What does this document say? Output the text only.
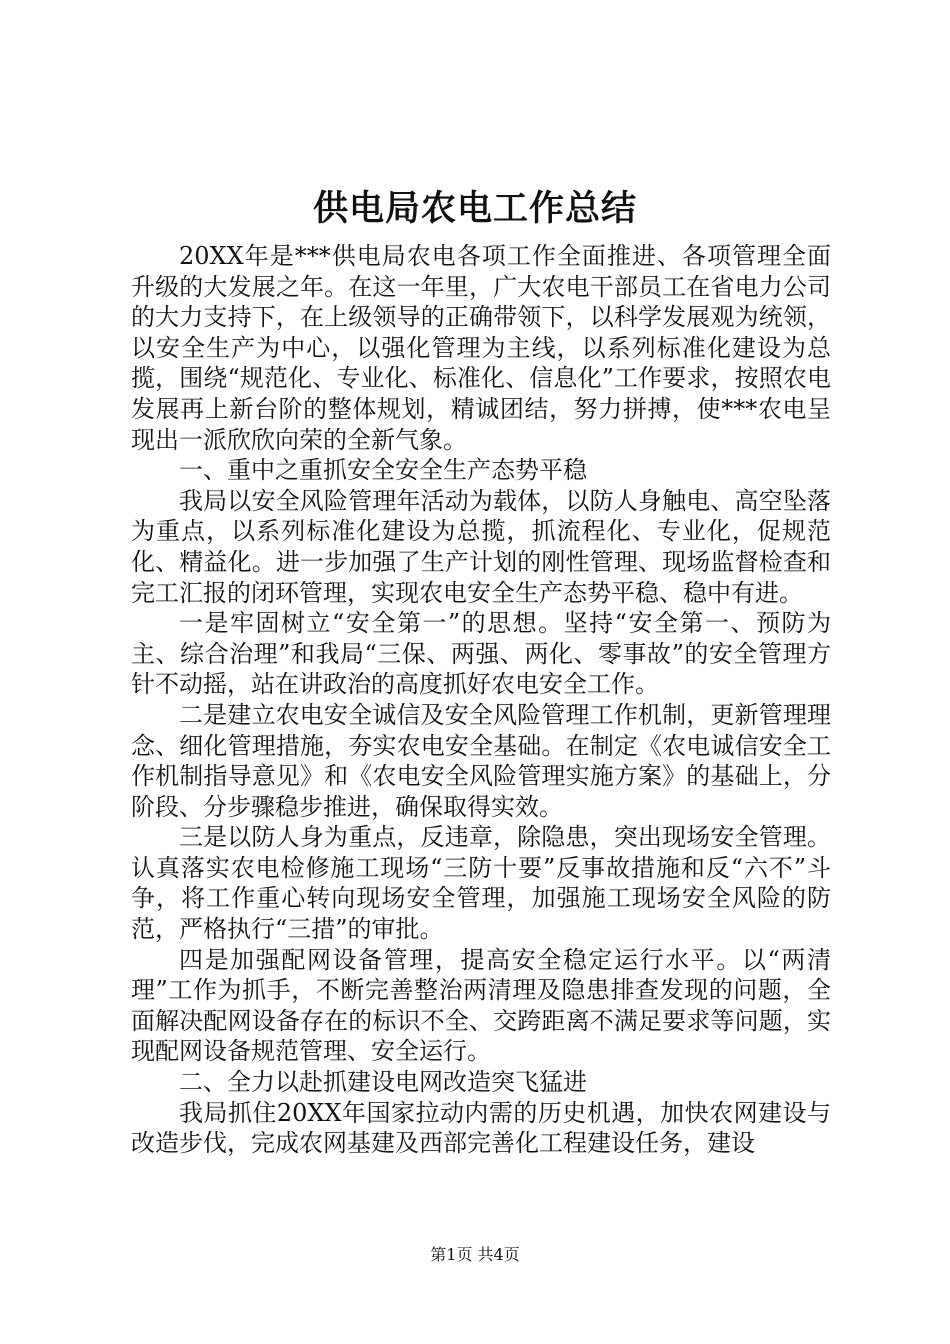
供电局农电工作总结

20XX年是***供电局农电各项工作全面推进、各项管理全面升级的大发展之年。在这一年里，广大农电干部员工在省电力公司的大力支持下，在上级领导的正确带领下，以科学发展观为统领，以安全生产为中心，以强化管理为主线，以系列标准化建设为总揽，围绕“规范化、专业化、标准化、信息化”工作要求，按照农电发展再上新台阶的整体规划，精诚团结，努力拼搏，使***农电呈现出一派欣欣向荣的全新气象。

一、重中之重抓安全安全生产态势平稳

我局以安全风险管理年活动为载体，以防人身触电、高空坠落为重点，以系列标准化建设为总揽，抓流程化、专业化，促规范化、精益化。进一步加强了生产计划的刚性管理、现场监督检查和完工汇报的闭环管理，实现农电安全生产态势平稳、稳中有进。

一是牢固树立“安全第一”的思想。坚持“安全第一、预防为主、综合治理”和我局“三保、两强、两化、零事故”的安全管理方针不动摇，站在讲政治的高度抓好农电安全工作。

二是建立农电安全诚信及安全风险管理工作机制，更新管理理念、细化管理措施，夯实农电安全基础。在制定《农电诚信安全工作机制指导意见》和《农电安全风险管理实施方案》的基础上，分阶段、分步骤稳步推进，确保取得实效。

三是以防人身为重点，反违章，除隐患，突出现场安全管理。认真落实农电检修施工现场“三防十要”反事故措施和反“六不”斗争，将工作重心转向现场安全管理，加强施工现场安全风险的防范，严格执行“三措”的审批。

四是加强配网设备管理，提高安全稳定运行水平。以“两清理”工作为抓手，不断完善整治两清理及隐患排查发现的问题，全面解决配网设备存在的标识不全、交跨距离不满足要求等问题，实现配网设备规范管理、安全运行。

二、全力以赴抓建设电网改造突飞猛进

我局抓住20XX年国家拉动内需的历史机遇，加快农网建设与改造步伐，完成农网基建及西部完善化工程建设任务，建设

第1页 共4页
